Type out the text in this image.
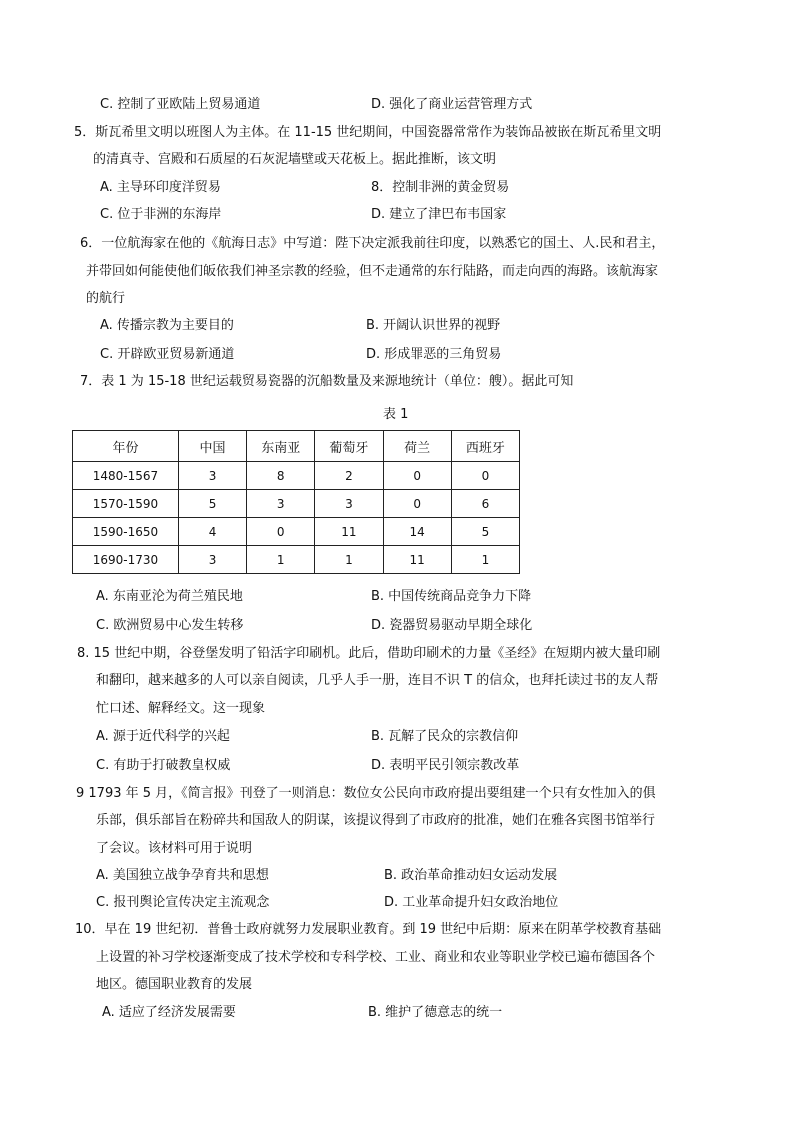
C. 控制了亚欧陆上贸易通道	D. 强化了商业运营管理方式
5．斯瓦希里文明以班图人为主体。在 11-15 世纪期间，中国瓷器常常作为装饰品被嵌在斯瓦希里文明
的清真寺、宫殿和石质屋的石灰泥墙壁或天花板上。据此推断，该文明
A. 主导环印度洋贸易	8．控制非洲的黄金贸易
C. 位于非洲的东海岸	D. 建立了津巴布韦国家
6．一位航海家在他的《航海日志》中写道：陛下决定派我前往印度，以熟悉它的国土、人.民和君主，
并带回如何能使他们皈依我们神圣宗教的经验，但不走通常的东行陆路，而走向西的海路。该航海家
的航行
A. 传播宗教为主要目的	B. 开阔认识世界的视野
C. 开辟欧亚贸易新通道	D. 形成罪恶的三角贸易
7．表 1 为 15-18 世纪运载贸易瓷器的沉船数量及来源地统计（单位：艘）。据此可知
表 1
年份	中国	东南亚	葡萄牙	荷兰	西班牙
1480-1567	3	8	2	0	0
1570-1590	5	3	3	0	6
1590-1650	4	0	11	14	5
1690-1730	3	1	1	11	1
A. 东南亚沦为荷兰殖民地	B. 中国传统商品竞争力下降
C. 欧洲贸易中心发生转移	D. 瓷器贸易驱动早期全球化
8. 15 世纪中期，谷登堡发明了铅活字印刷机。此后，借助印刷术的力量《圣经》在短期内被大量印刷
和翻印，越来越多的人可以亲自阅读，几乎人手一册，连目不识 T 的信众，也拜托读过书的友人帮
忙口述、解释经文。这一现象
A. 源于近代科学的兴起	B. 瓦解了民众的宗教信仰
C. 有助于打破教皇权威	D. 表明平民引领宗教改革
9 1793 年 5 月，《简言报》刊登了一则消息：数位女公民向市政府提出要组建一个只有女性加入的俱
乐部，俱乐部旨在粉碎共和国敌人的阴谋，该提议得到了市政府的批准，她们在雅各宾图书馆举行
了会议。该材料可用于说明
A. 美国独立战争孕育共和思想	B. 政治革命推动妇女运动发展
C. 报刊舆论宣传决定主流观念	D. 工业革命提升妇女政治地位
10．早在 19 世纪初．普鲁士政府就努力发展职业教育。到 19 世纪中后期：原来在阴革学校教育基础
上设置的补习学校逐渐变成了技术学校和专科学校、工业、商业和农业等职业学校已遍布德国各个
地区。德国职业教育的发展
A. 适应了经济发展需要	B. 维护了德意志的统一
